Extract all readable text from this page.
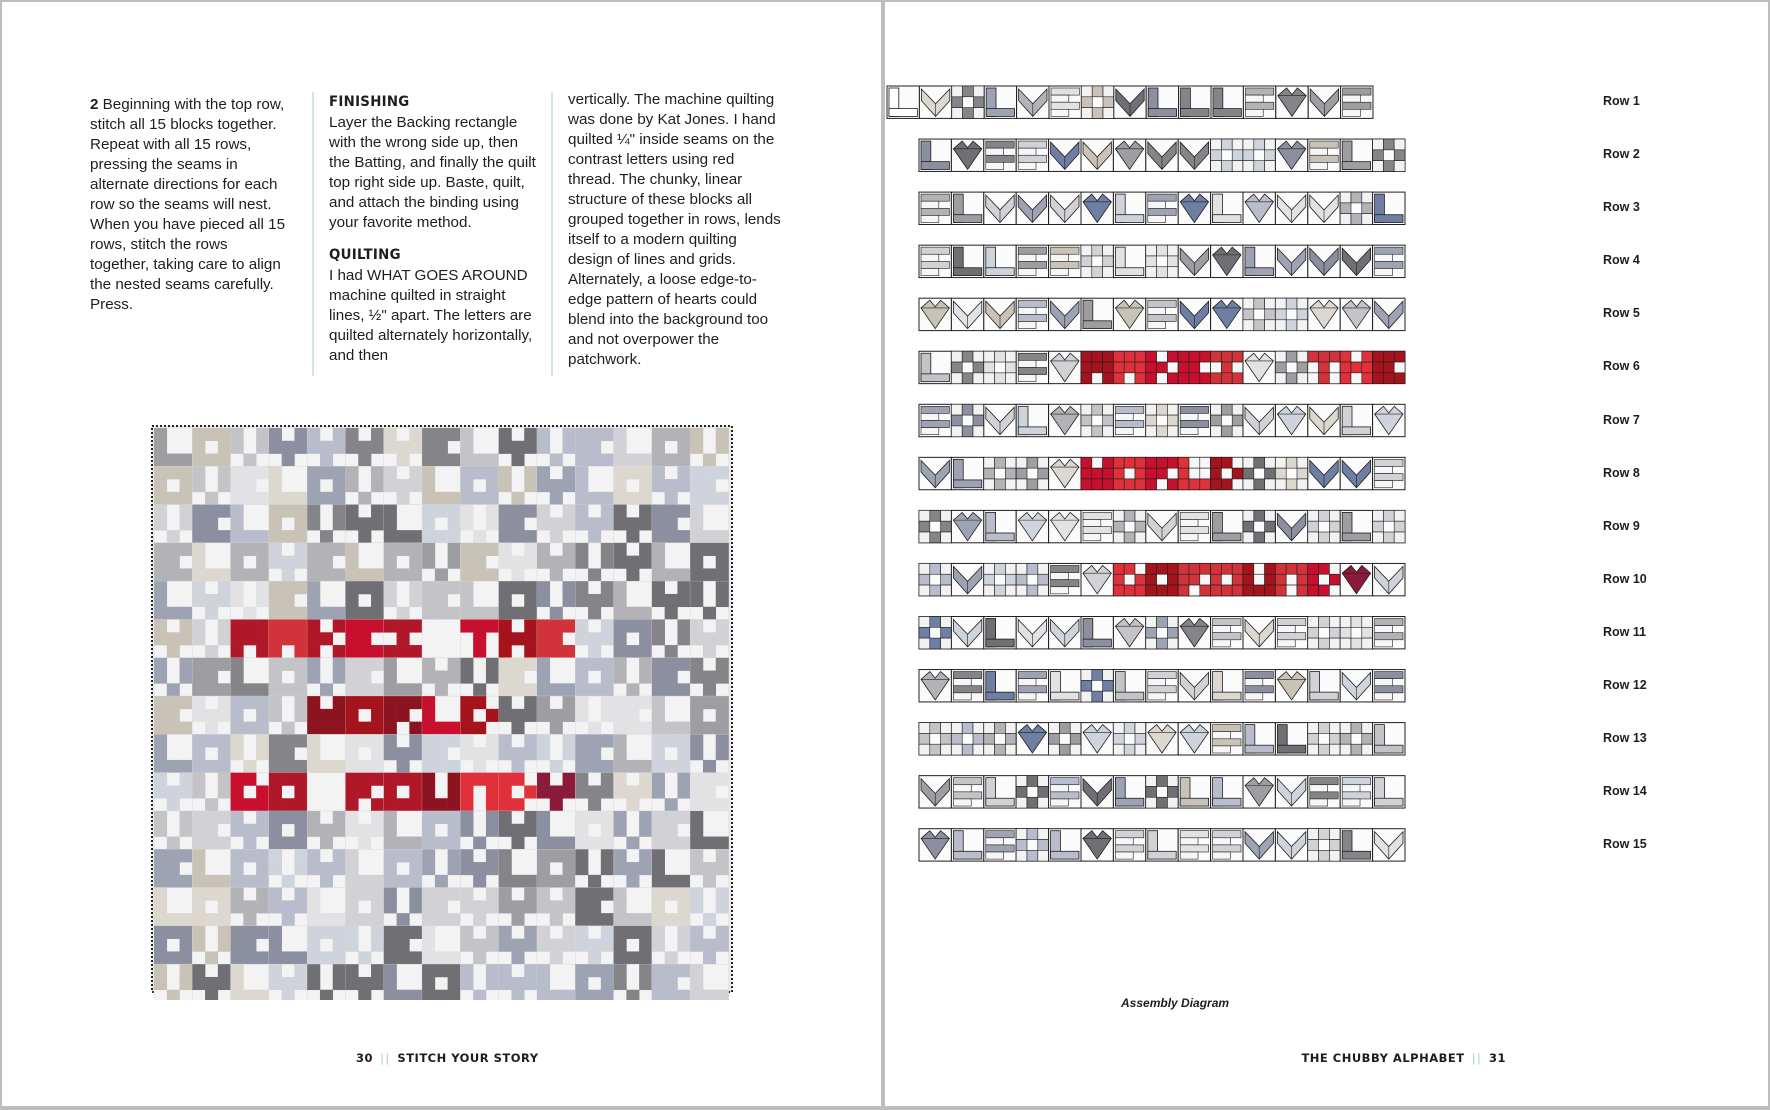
2 Beginning with the top row, stitch all 15 blocks together. Repeat with all 15 rows, pressing the seams in alternate directions for each row so the seams will nest. When you have pieced all 15 rows, stitch the rows together, taking care to align the nested seams carefully. Press.

FINISHING

Layer the Backing rectangle with the wrong side up, then the Batting, and finally the quilt top right side up. Baste, quilt, and attach the binding using your favorite method.

QUILTING

I had WHAT GOES AROUND machine quilted in straight lines, ½" apart. The letters are quilted alternately horizontally, and then

vertically. The machine quilting was done by Kat Jones. I hand quilted ¼" inside seams on the contrast letters using red thread. The chunky, linear structure of these blocks all grouped together in rows, lends itself to a modern quilting design of lines and grids. Alternately, a loose edge-to-edge pattern of hearts could blend into the background too and not overpower the patchwork.

30 || STITCH YOUR STORY
Row 1
Row 2
Row 3
Row 4
Row 5
Row 6
Row 7
Row 8
Row 9
Row 10
Row 11
Row 12
Row 13
Row 14
Row 15
Assembly Diagram
THE CHUBBY ALPHABET || 31
